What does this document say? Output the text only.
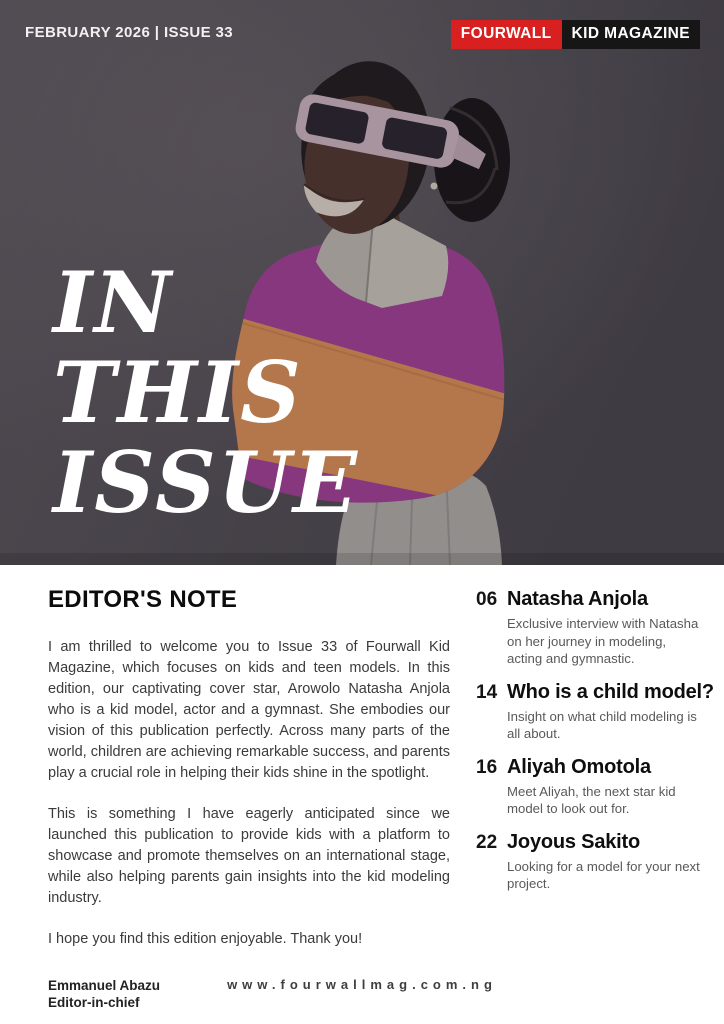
FEBRUARY 2026 | ISSUE 33	FOURWALL	KID MAGAZINE
IN
THIS
ISSUE
EDITOR'S NOTE

I am thrilled to welcome you to Issue 33 of Fourwall Kid Magazine, which focuses on kids and teen models. In this edition, our captivating cover star, Arowolo Natasha Anjola who is a kid model, actor and a gymnast. She embodies our vision of this publication perfectly. Across many parts of the world, children are achieving remarkable success, and parents play a crucial role in helping their kids shine in the spotlight.

This is something I have eagerly anticipated since we launched this publication to provide kids with a platform to showcase and promote themselves on an international stage, while also helping parents gain insights into the kid modeling industry.

I hope you find this edition enjoyable. Thank you!

Emmanuel Abazu
Editor-in-chief
06 Natasha Anjola
Exclusive interview with Natasha on her journey in modeling, acting and gymnastic.
14 Who is a child model?
Insight on what child modeling is all about.
16 Aliyah Omotola
Meet Aliyah, the next star kid model to look out for.
22 Joyous Sakito
Looking for a model for your next project.
www.fourwallmag.com.ng
